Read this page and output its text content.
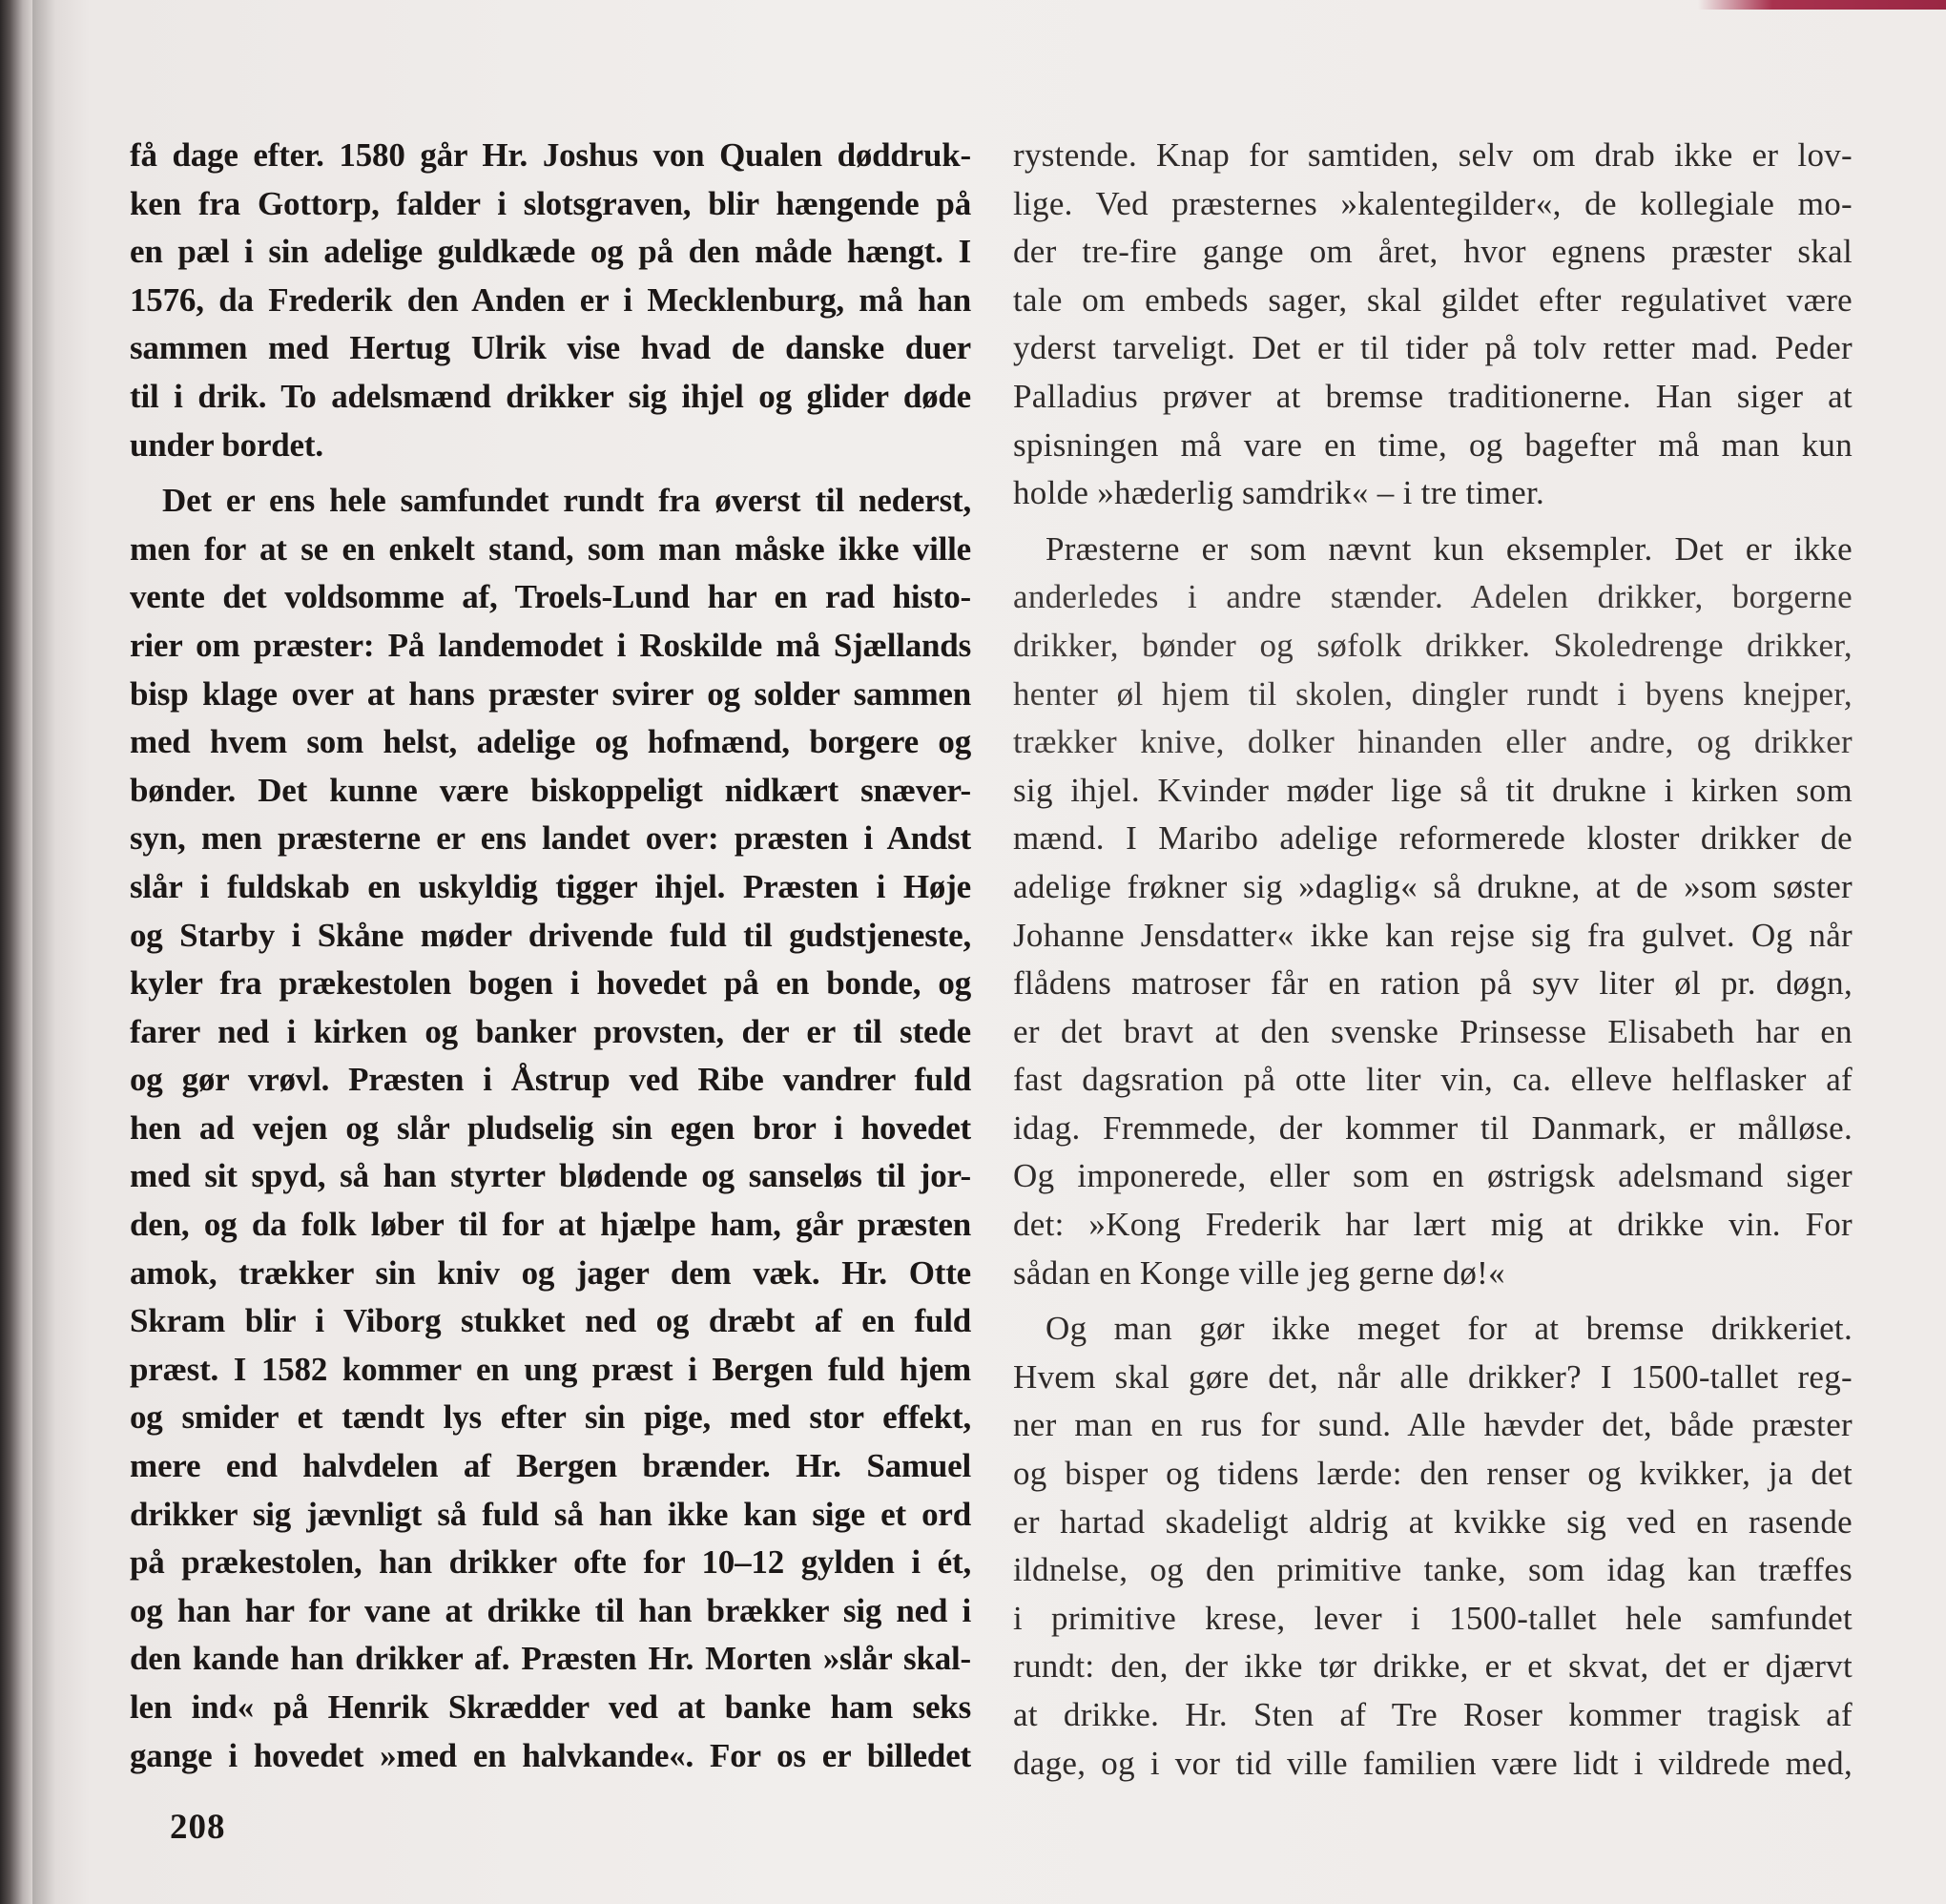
få dage efter. 1580 går Hr. Joshus von Qualen døddruk-
ken fra Gottorp, falder i slotsgraven, blir hængende på
en pæl i sin adelige guldkæde og på den måde hængt. I
1576, da Frederik den Anden er i Mecklenburg, må han
sammen med Hertug Ulrik vise hvad de danske duer
til i drik. To adelsmænd drikker sig ihjel og glider døde
under bordet.
Det er ens hele samfundet rundt fra øverst til nederst,
men for at se en enkelt stand, som man måske ikke ville
vente det voldsomme af, Troels-Lund har en rad histo-
rier om præster: På landemodet i Roskilde må Sjællands
bisp klage over at hans præster svirer og solder sammen
med hvem som helst, adelige og hofmænd, borgere og
bønder. Det kunne være biskoppeligt nidkært snæver-
syn, men præsterne er ens landet over: præsten i Andst
slår i fuldskab en uskyldig tigger ihjel. Præsten i Høje
og Starby i Skåne møder drivende fuld til gudstjeneste,
kyler fra prækestolen bogen i hovedet på en bonde, og
farer ned i kirken og banker provsten, der er til stede
og gør vrøvl. Præsten i Åstrup ved Ribe vandrer fuld
hen ad vejen og slår pludselig sin egen bror i hovedet
med sit spyd, så han styrter blødende og sanseløs til jor-
den, og da folk løber til for at hjælpe ham, går præsten
amok, trækker sin kniv og jager dem væk. Hr. Otte
Skram blir i Viborg stukket ned og dræbt af en fuld
præst. I 1582 kommer en ung præst i Bergen fuld hjem
og smider et tændt lys efter sin pige, med stor effekt,
mere end halvdelen af Bergen brænder. Hr. Samuel
drikker sig jævnligt så fuld så han ikke kan sige et ord
på prækestolen, han drikker ofte for 10–12 gylden i ét,
og han har for vane at drikke til han brækker sig ned i
den kande han drikker af. Præsten Hr. Morten »slår skal-
len ind« på Henrik Skrædder ved at banke ham seks
gange i hovedet »med en halvkande«. For os er billedet
rystende. Knap for samtiden, selv om drab ikke er lov-
lige. Ved præsternes »kalentegilder«, de kollegiale mo-
der tre-fire gange om året, hvor egnens præster skal
tale om embeds sager, skal gildet efter regulativet være
yderst tarveligt. Det er til tider på tolv retter mad. Peder
Palladius prøver at bremse traditionerne. Han siger at
spisningen må vare en time, og bagefter må man kun
holde »hæderlig samdrik« – i tre timer.
Præsterne er som nævnt kun eksempler. Det er ikke
anderledes i andre stænder. Adelen drikker, borgerne
drikker, bønder og søfolk drikker. Skoledrenge drikker,
henter øl hjem til skolen, dingler rundt i byens knejper,
trækker knive, dolker hinanden eller andre, og drikker
sig ihjel. Kvinder møder lige så tit drukne i kirken som
mænd. I Maribo adelige reformerede kloster drikker de
adelige frøkner sig »daglig« så drukne, at de »som søster
Johanne Jensdatter« ikke kan rejse sig fra gulvet. Og når
flådens matroser får en ration på syv liter øl pr. døgn,
er det bravt at den svenske Prinsesse Elisabeth har en
fast dagsration på otte liter vin, ca. elleve helflasker af
idag. Fremmede, der kommer til Danmark, er målløse.
Og imponerede, eller som en østrigsk adelsmand siger
det: »Kong Frederik har lært mig at drikke vin. For
sådan en Konge ville jeg gerne dø!«
Og man gør ikke meget for at bremse drikkeriet.
Hvem skal gøre det, når alle drikker? I 1500-tallet reg-
ner man en rus for sund. Alle hævder det, både præster
og bisper og tidens lærde: den renser og kvikker, ja det
er hartad skadeligt aldrig at kvikke sig ved en rasende
ildnelse, og den primitive tanke, som idag kan træffes
i primitive krese, lever i 1500-tallet hele samfundet
rundt: den, der ikke tør drikke, er et skvat, det er djærvt
at drikke. Hr. Sten af Tre Roser kommer tragisk af
dage, og i vor tid ville familien være lidt i vildrede med,
208
